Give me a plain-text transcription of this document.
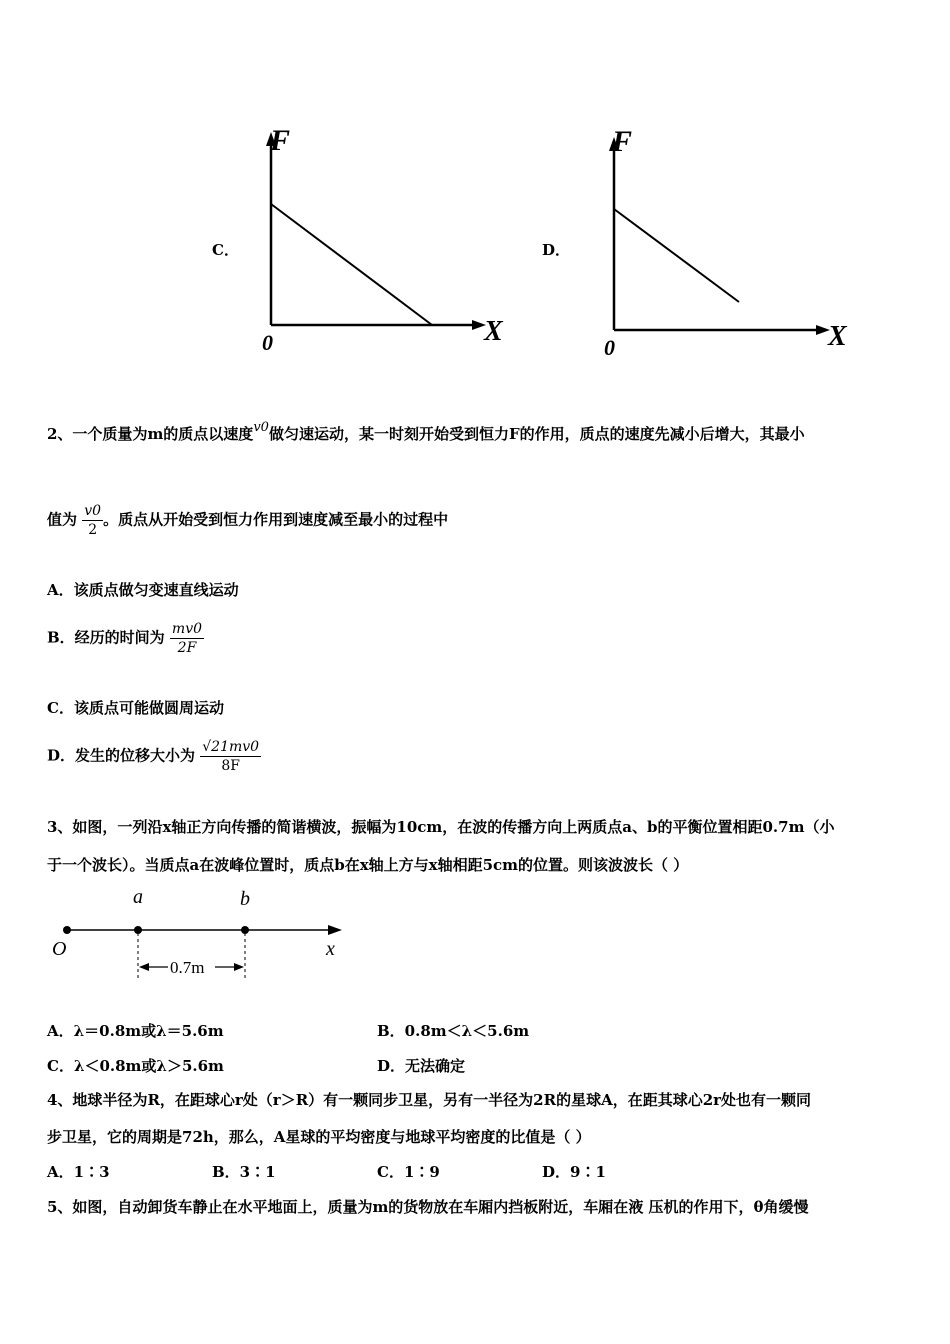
C．
F
X
0
D．
F
X
0
2、一个质量为m的质点以速度v0做匀速运动，某一时刻开始受到恒力F的作用，质点的速度先减小后增大，其最小
值为 $\frac{v0}{2}$ 。质点从开始受到恒力作用到速度减至最小的过程中
A．该质点做匀变速直线运动
B．经历的时间为 $\frac{mv0}{2F}$
C．该质点可能做圆周运动
D．发生的位移大小为 $\frac{√21mv0}{8F}$
3、如图，一列沿x轴正方向传播的简谐横波，振幅为10cm，在波的传播方向上两质点a、b的平衡位置相距0.7m（小
于一个波长）。当质点a在波峰位置时，质点b在x轴上方与x轴相距5cm的位置。则该波波长（ ）
a	b
O	x
0.7m
A．λ＝0.8m或λ＝5.6m	B．0.8m＜λ＜5.6m
C．λ＜0.8m或λ＞5.6m	D．无法确定
4、地球半径为R，在距球心r处（r＞R）有一颗同步卫星，另有一半径为2R的星球A，在距其球心2r处也有一颗同
步卫星，它的周期是72h，那么，A星球的平均密度与地球平均密度的比值是（ ）
A．1∶3	B．3∶1	C．1∶9	D．9∶1
5、如图，自动卸货车静止在水平地面上，质量为m的货物放在车厢内挡板附近，车厢在液 压机的作用下，θ角缓慢
